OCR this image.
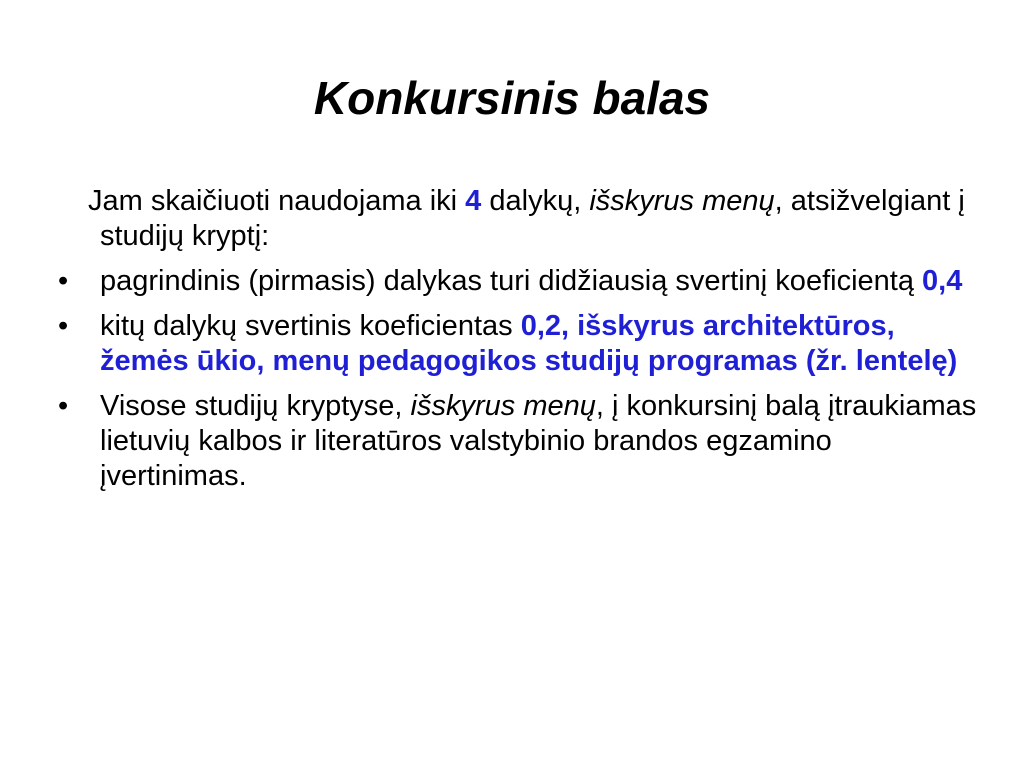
Konkursinis balas

Jam skaičiuoti naudojama iki 4 dalykų, išskyrus menų, atsižvelgiant į studijų kryptį:

•	pagrindinis (pirmasis) dalykas turi didžiausią svertinį koeficientą 0,4
•	kitų dalykų svertinis koeficientas 0,2, išskyrus architektūros, žemės ūkio, menų pedagogikos studijų programas (žr. lentelę)
•	Visose studijų kryptyse, išskyrus menų, į konkursinį balą įtraukiamas lietuvių kalbos ir literatūros valstybinio brandos egzamino įvertinimas.
